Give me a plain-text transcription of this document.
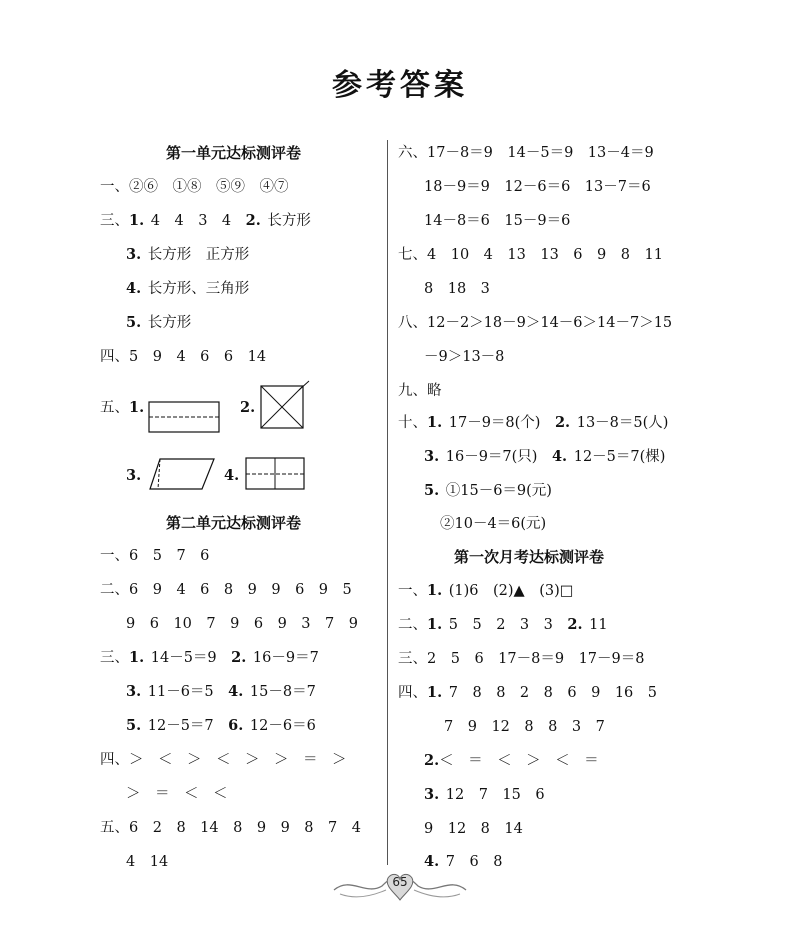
参考答案
第一单元达标测评卷
一、②⑥　①⑧　⑤⑨　④⑦
三、1. 4　4　3　4　2. 长方形
3. 长方形　正方形
4. 长方形、三角形
5. 长方形
四、5　9　4　6　6　14
五、1.	2.
3.	4.
第二单元达标测评卷
一、6　5　7　6
二、6　9　4　6　8　9　9　6　9　5
9　6　10　7　9　6　9　3　7　9
三、1. 14－5＝9　2. 16－9＝7
3. 11－6＝5　4. 15－8＝7
5. 12－5＝7　6. 12－6＝6
四、＞　＜　＞　＜　＞　＞　＝　＞
＞　＝　＜　＜
五、6　2　8　14　8　9　9　8　7　4
4　14
六、17－8＝9　14－5＝9　13－4＝9
18－9＝9　12－6＝6　13－7＝6
14－8＝6　15－9＝6
七、4　10　4　13　13　6　9　8　11
8　18　3
八、12－2＞18－9＞14－6＞14－7＞15
－9＞13－8
九、略
十、1. 17－9＝8(个)　2. 13－8＝5(人)
3. 16－9＝7(只)　4. 12－5＝7(棵)
5. ①15－6＝9(元)
②10－4＝6(元)
第一次月考达标测评卷
一、1. (1)6　(2)▲　(3)□
二、1. 5　5　2　3　3　2. 11
三、2　5　6　17－8＝9　17－9＝8
四、1. 7　8　8　2　8　6　9　16　5
7　9　12　8　8　3　7
2.＜　＝　＜　＞　＜　＝
3. 12　7　15　6
9　12　8　14
4. 7　6　8
65
